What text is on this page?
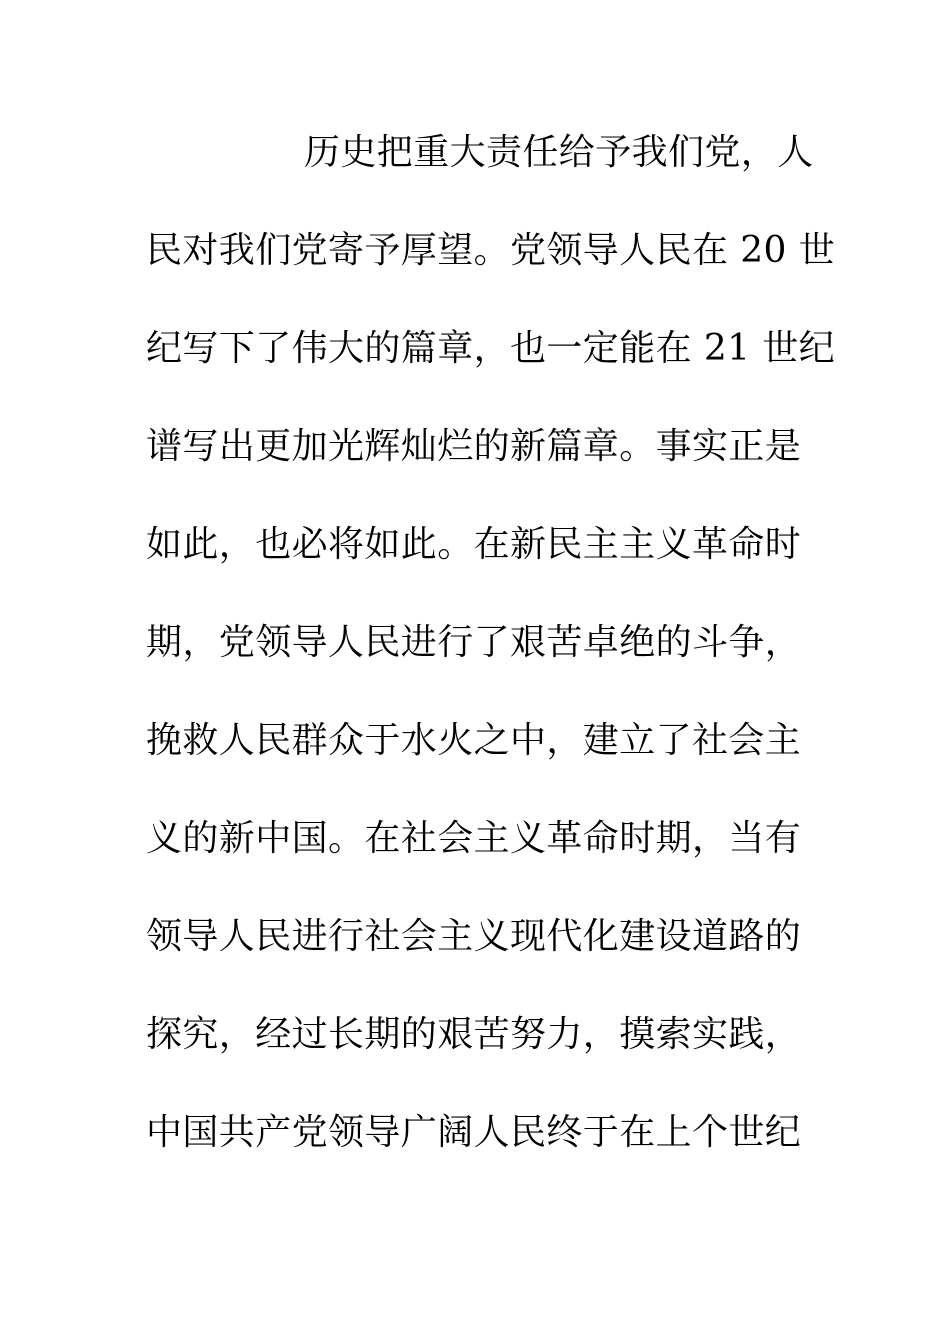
历史把重大责任给予我们党，人
民对我们党寄予厚望。党领导人民在 20 世
纪写下了伟大的篇章，也一定能在 21 世纪
谱写出更加光辉灿烂的新篇章。事实正是
如此，也必将如此。在新民主主义革命时
期，党领导人民进行了艰苦卓绝的斗争，
挽救人民群众于水火之中，建立了社会主
义的新中国。在社会主义革命时期，当有
领导人民进行社会主义现代化建设道路的
探究，经过长期的艰苦努力，摸索实践，
中国共产党领导广阔人民终于在上个世纪
